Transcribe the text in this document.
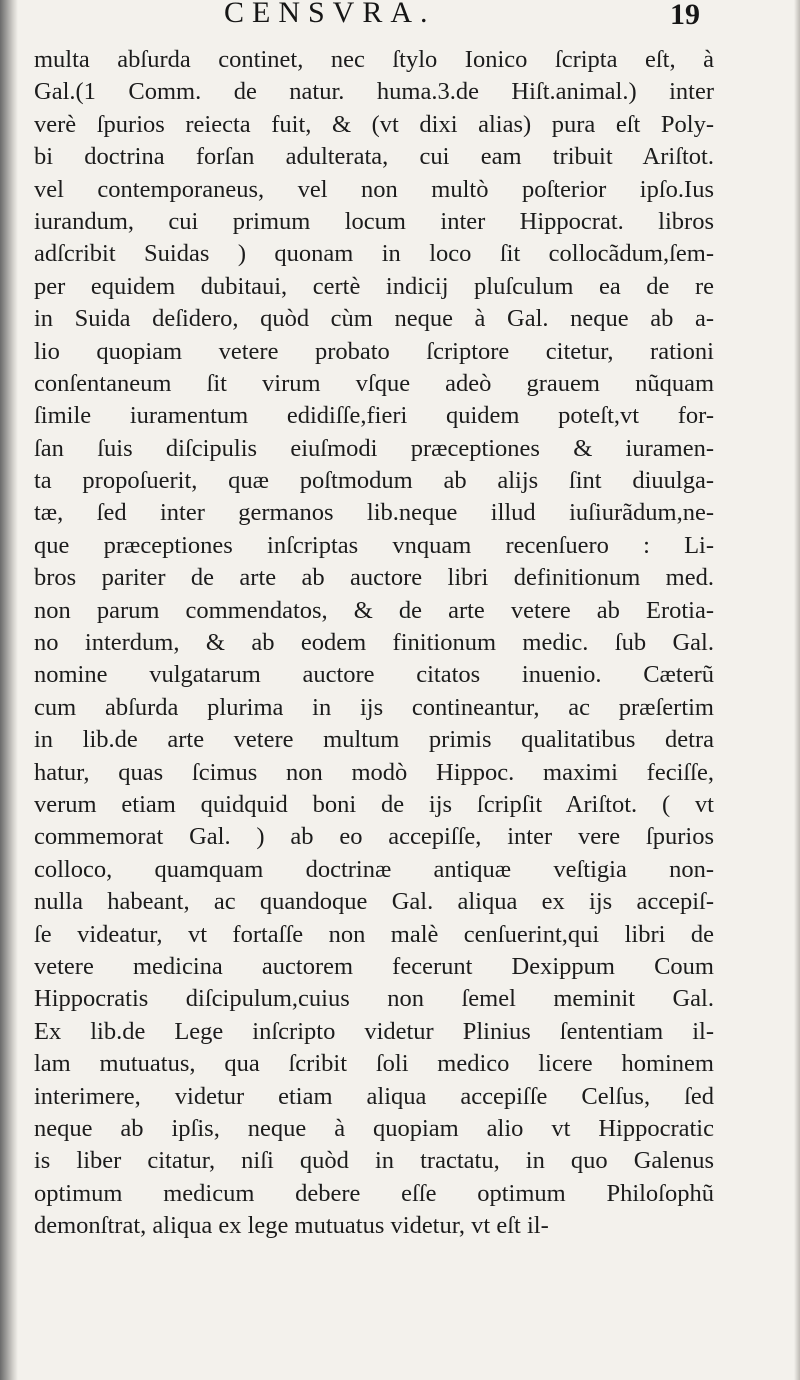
CENSVRA.	19
multa abſurda continet, nec ſtylo Ionico ſcripta eſt, à
Gal.(1 Comm. de natur. huma.3.de Hiſt.animal.) inter
verè ſpurios reiecta fuit, & (vt dixi alias) pura eſt Poly-
bi doctrina forſan adulterata, cui eam tribuit Ariſtot.
vel contemporaneus, vel non multò poſterior ipſo.Ius
iurandum, cui primum locum inter Hippocrat. libros
adſcribit Suidas ) quonam in loco ſit collocãdum,ſem-
per equidem dubitaui, certè indicij pluſculum ea de re
in Suida deſidero, quòd cùm neque à Gal. neque ab a-
lio quopiam vetere probato ſcriptore citetur, rationi
conſentaneum ſit virum vſque adeò grauem nũquam
ſimile iuramentum edidiſſe,fieri quidem poteſt,vt for-
ſan ſuis diſcipulis eiuſmodi præceptiones & iuramen-
ta propoſuerit, quæ poſtmodum ab alijs ſint diuulga-
tæ, ſed inter germanos lib.neque illud iuſiurãdum,ne-
que præceptiones inſcriptas vnquam recenſuero : Li-
bros pariter de arte ab auctore libri definitionum med.
non parum commendatos, & de arte vetere ab Erotia-
no interdum, & ab eodem finitionum medic. ſub Gal.
nomine vulgatarum auctore citatos inuenio. Cæterũ
cum abſurda plurima in ijs contineantur, ac præſertim
in lib.de arte vetere multum primis qualitatibus detra
hatur, quas ſcimus non modò Hippoc. maximi feciſſe,
verum etiam quidquid boni de ijs ſcripſit Ariſtot. ( vt
commemorat Gal. ) ab eo accepiſſe, inter vere ſpurios
colloco, quamquam doctrinæ antiquæ veſtigia non-
nulla habeant, ac quandoque Gal. aliqua ex ijs accepiſ-
ſe videatur, vt fortaſſe non malè cenſuerint,qui libri de
vetere medicina auctorem fecerunt Dexippum Coum
Hippocratis diſcipulum,cuius non ſemel meminit Gal.
Ex lib.de Lege inſcripto videtur Plinius ſententiam il-
lam mutuatus, qua ſcribit ſoli medico licere hominem
interimere, videtur etiam aliqua accepiſſe Celſus, ſed
neque ab ipſis, neque à quopiam alio vt Hippocratic
is liber citatur, niſi quòd in tractatu, in quo Galenus
optimum medicum debere eſſe optimum Philoſophũ
demonſtrat, aliqua ex lege mutuatus videtur, vt eſt il-
